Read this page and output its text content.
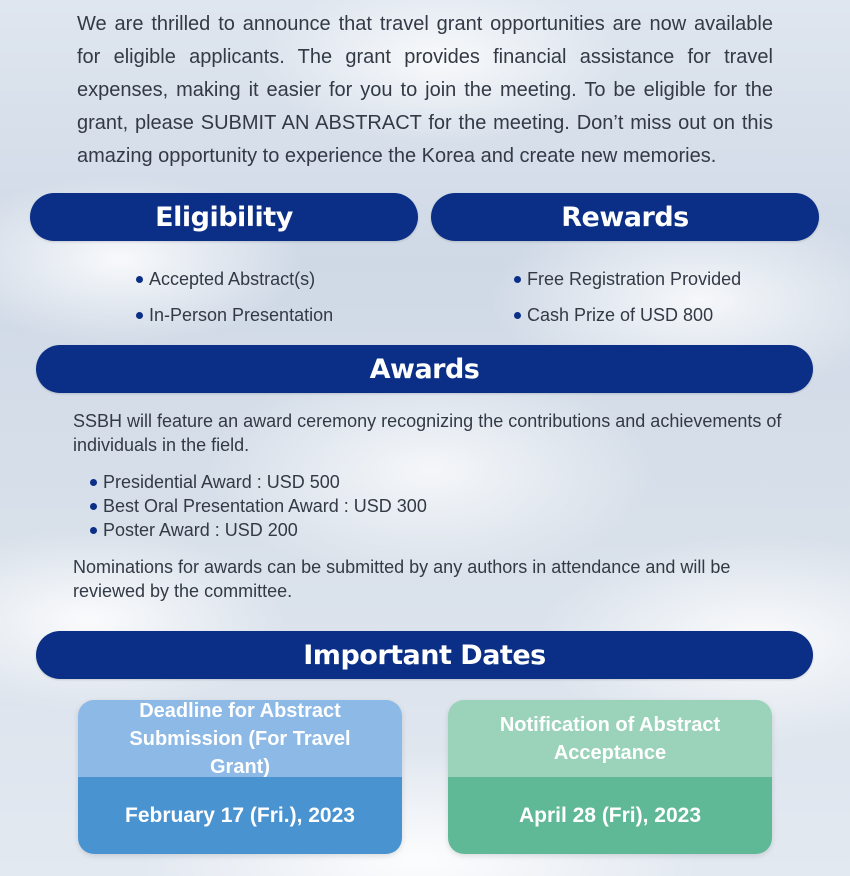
We are thrilled to announce that travel grant opportunities are now available for eligible applicants. The grant provides financial assistance for travel expenses, making it easier for you to join the meeting. To be eligible for the grant, please SUBMIT AN ABSTRACT for the meeting. Don’t miss out on this amazing opportunity to experience the Korea and create new memories.

Eligibility
Accepted Abstract(s)
In-Person Presentation
Rewards
Free Registration Provided
Cash Prize of USD 800
Awards

SSBH will feature an award ceremony recognizing the contributions and achievements of individuals in the field.

Presidential Award : USD 500
Best Oral Presentation Award : USD 300
Poster Award : USD 200

Nominations for awards can be submitted by any authors in attendance and will be reviewed by the committee.

Important Dates
Deadline for Abstract Submission (For Travel Grant)
February 17 (Fri.), 2023
Notification of Abstract Acceptance
April 28 (Fri), 2023
